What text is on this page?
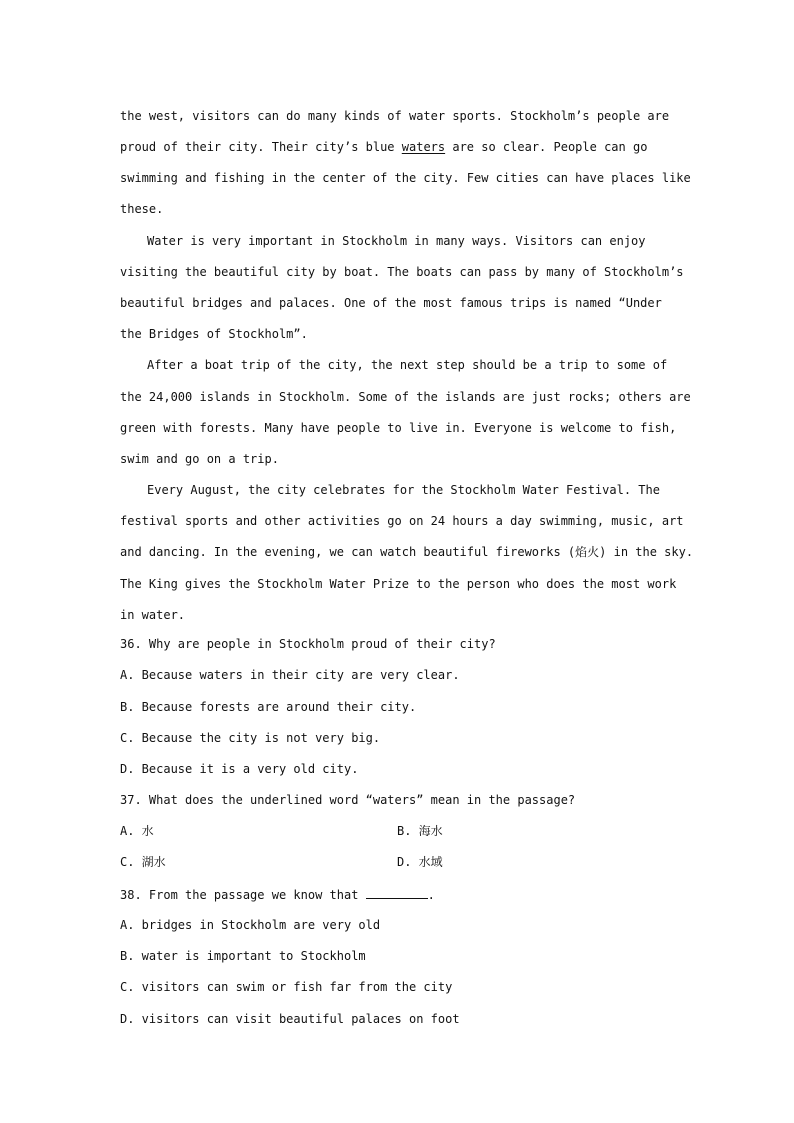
the west, visitors can do many kinds of water sports. Stockholm’s people are
proud of their city. Their city’s blue waters are so clear. People can go
swimming and fishing in the center of the city. Few cities can have places like
these.
Water is very important in Stockholm in many ways. Visitors can enjoy
visiting the beautiful city by boat. The boats can pass by many of Stockholm’s
beautiful bridges and palaces. One of the most famous trips is named “Under
the Bridges of Stockholm”.
After a boat trip of the city, the next step should be a trip to some of
the 24,000 islands in Stockholm. Some of the islands are just rocks; others are
green with forests. Many have people to live in. Everyone is welcome to fish,
swim and go on a trip.
Every August, the city celebrates for the Stockholm Water Festival. The
festival sports and other activities go on 24 hours a day swimming, music, art
and dancing. In the evening, we can watch beautiful fireworks (焰火) in the sky.
The King gives the Stockholm Water Prize to the person who does the most work
in water.
36. Why are people in Stockholm proud of their city?
A. Because waters in their city are very clear.
B. Because forests are around their city.
C. Because the city is not very big.
D. Because it is a very old city.
37. What does the underlined word “waters” mean in the passage?
A. 水	B. 海水
C. 湖水	D. 水域
38. From the passage we know that	.
A. bridges in Stockholm are very old
B. water is important to Stockholm
C. visitors can swim or fish far from the city
D. visitors can visit beautiful palaces on foot
